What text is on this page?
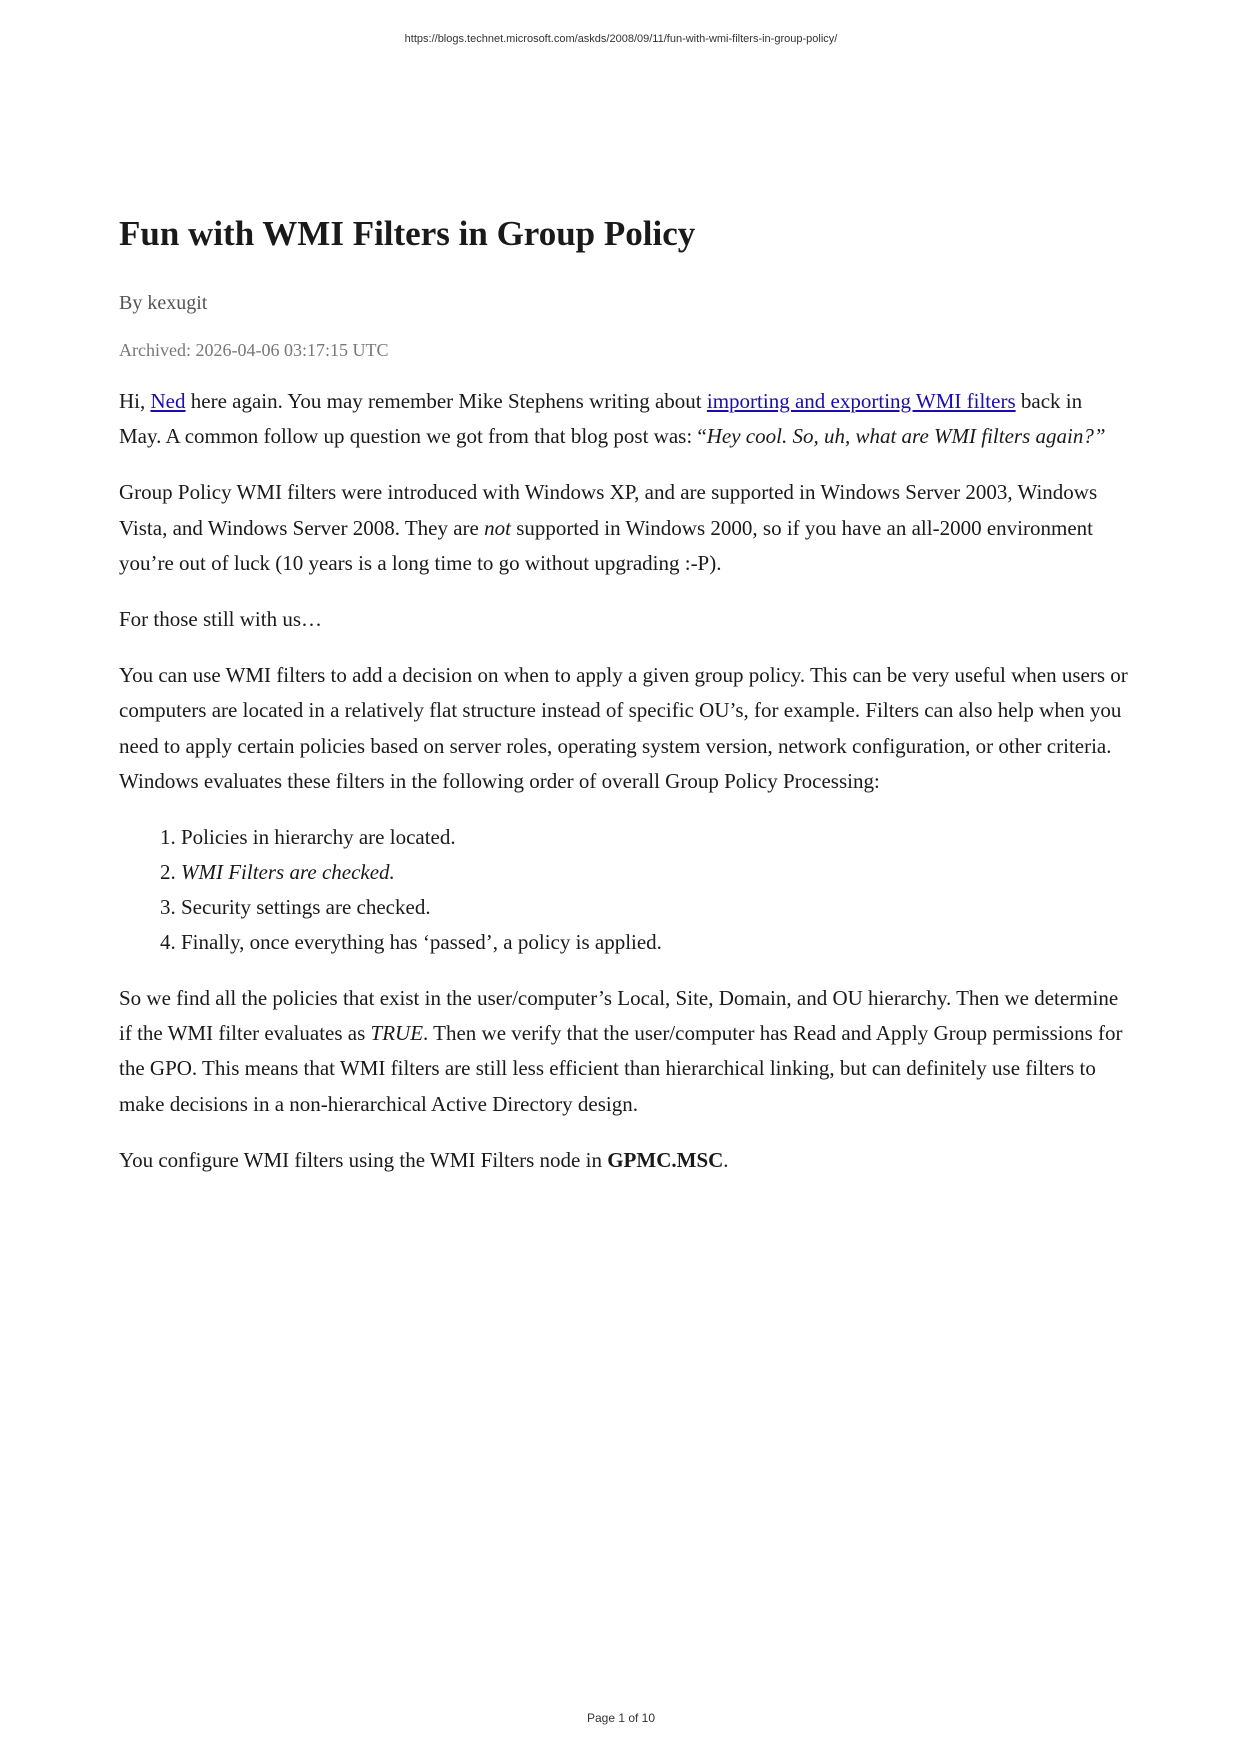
https://blogs.technet.microsoft.com/askds/2008/09/11/fun-with-wmi-filters-in-group-policy/
Fun with WMI Filters in Group Policy
By kexugit
Archived: 2026-04-06 03:17:15 UTC

Hi, Ned here again. You may remember Mike Stephens writing about importing and exporting WMI filters back in May. A common follow up question we got from that blog post was: “Hey cool. So, uh, what are WMI filters again?”

Group Policy WMI filters were introduced with Windows XP, and are supported in Windows Server 2003, Windows Vista, and Windows Server 2008. They are not supported in Windows 2000, so if you have an all-2000 environment you’re out of luck (10 years is a long time to go without upgrading :-P).

For those still with us…

You can use WMI filters to add a decision on when to apply a given group policy. This can be very useful when users or computers are located in a relatively flat structure instead of specific OU’s, for example. Filters can also help when you need to apply certain policies based on server roles, operating system version, network configuration, or other criteria. Windows evaluates these filters in the following order of overall Group Policy Processing:

1. Policies in hierarchy are located.
2. WMI Filters are checked.
3. Security settings are checked.
4. Finally, once everything has ‘passed’, a policy is applied.

So we find all the policies that exist in the user/computer’s Local, Site, Domain, and OU hierarchy. Then we determine if the WMI filter evaluates as TRUE. Then we verify that the user/computer has Read and Apply Group permissions for the GPO. This means that WMI filters are still less efficient than hierarchical linking, but can definitely use filters to make decisions in a non-hierarchical Active Directory design.

You configure WMI filters using the WMI Filters node in GPMC.MSC.

Page 1 of 10
